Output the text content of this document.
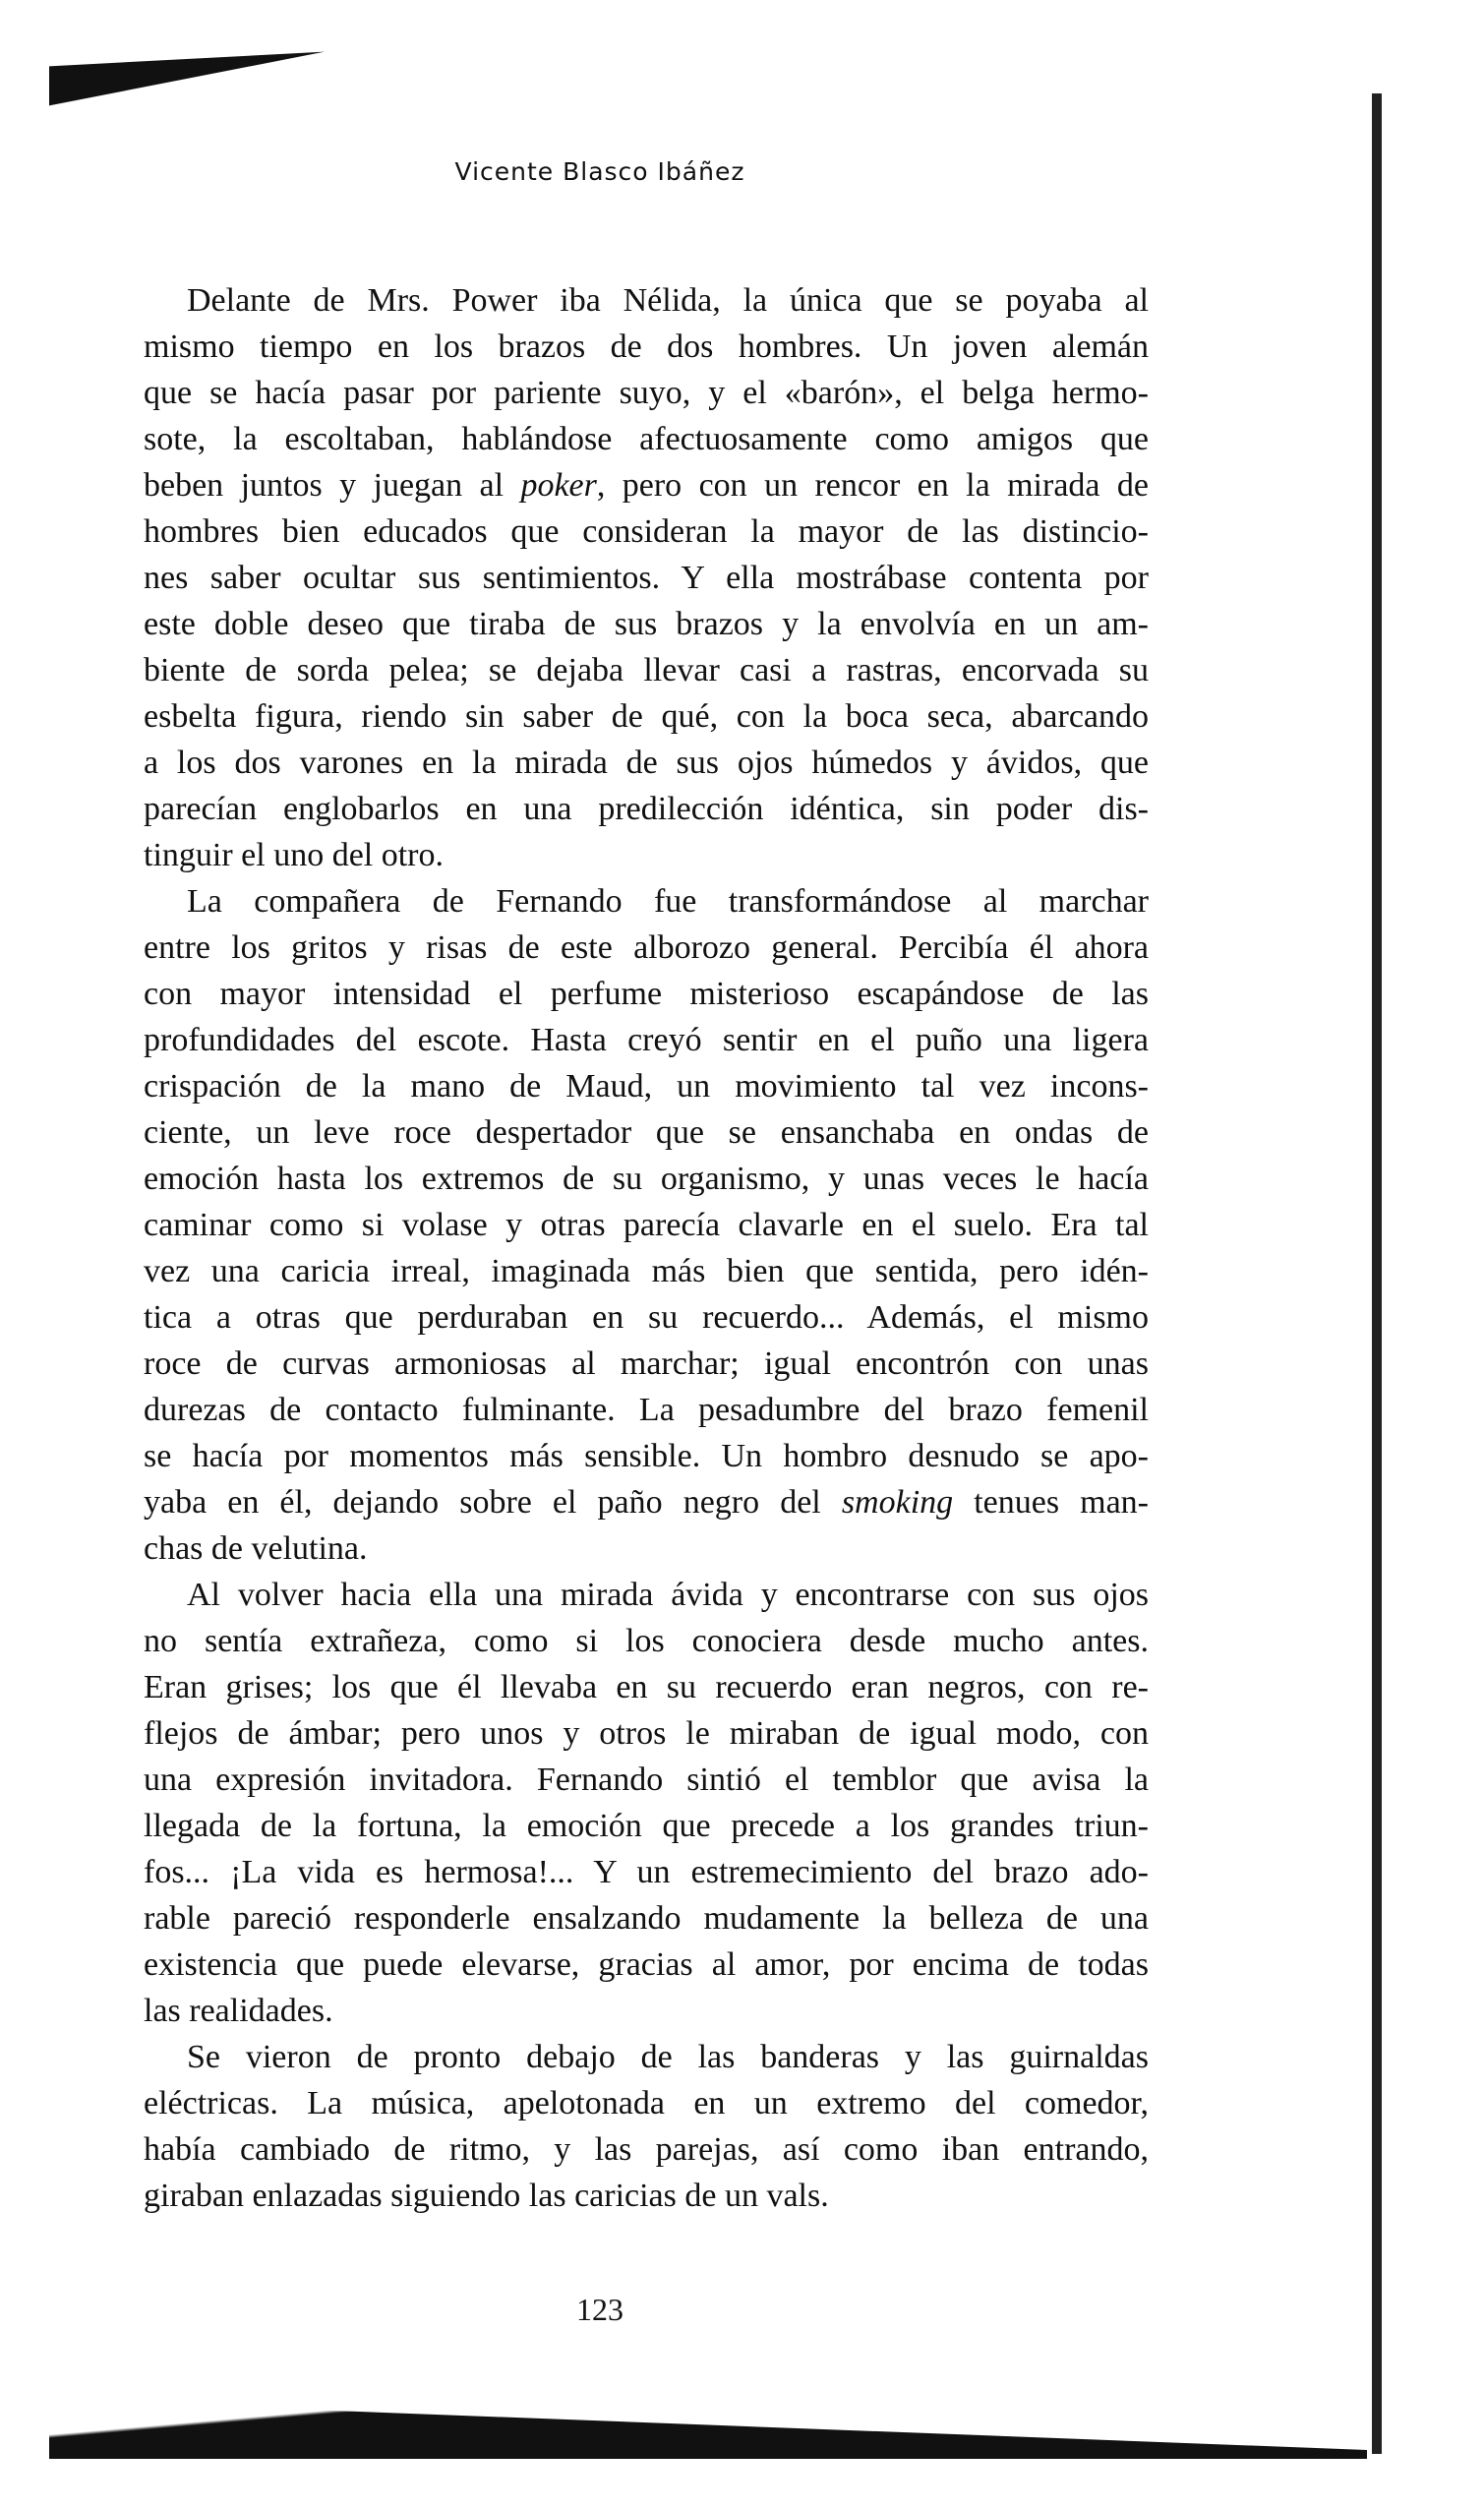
Vicente Blasco Ibáñez
Delante de Mrs. Power iba Nélida, la única que se poyaba al
mismo tiempo en los brazos de dos hombres. Un joven alemán
que se hacía pasar por pariente suyo, y el «barón», el belga hermo-
sote, la escoltaban, hablándose afectuosamente como amigos que
beben juntos y juegan al poker, pero con un rencor en la mirada de
hombres bien educados que consideran la mayor de las distincio-
nes saber ocultar sus sentimientos. Y ella mostrábase contenta por
este doble deseo que tiraba de sus brazos y la envolvía en un am-
biente de sorda pelea; se dejaba llevar casi a rastras, encorvada su
esbelta figura, riendo sin saber de qué, con la boca seca, abarcando
a los dos varones en la mirada de sus ojos húmedos y ávidos, que
parecían englobarlos en una predilección idéntica, sin poder dis-
tinguir el uno del otro.
La compañera de Fernando fue transformándose al marchar
entre los gritos y risas de este alborozo general. Percibía él ahora
con mayor intensidad el perfume misterioso escapándose de las
profundidades del escote. Hasta creyó sentir en el puño una ligera
crispación de la mano de Maud, un movimiento tal vez incons-
ciente, un leve roce despertador que se ensanchaba en ondas de
emoción hasta los extremos de su organismo, y unas veces le hacía
caminar como si volase y otras parecía clavarle en el suelo. Era tal
vez una caricia irreal, imaginada más bien que sentida, pero idén-
tica a otras que perduraban en su recuerdo... Además, el mismo
roce de curvas armoniosas al marchar; igual encontrón con unas
durezas de contacto fulminante. La pesadumbre del brazo femenil
se hacía por momentos más sensible. Un hombro desnudo se apo-
yaba en él, dejando sobre el paño negro del smoking tenues man-
chas de velutina.
Al volver hacia ella una mirada ávida y encontrarse con sus ojos
no sentía extrañeza, como si los conociera desde mucho antes.
Eran grises; los que él llevaba en su recuerdo eran negros, con re-
flejos de ámbar; pero unos y otros le miraban de igual modo, con
una expresión invitadora. Fernando sintió el temblor que avisa la
llegada de la fortuna, la emoción que precede a los grandes triun-
fos... ¡La vida es hermosa!... Y un estremecimiento del brazo ado-
rable pareció responderle ensalzando mudamente la belleza de una
existencia que puede elevarse, gracias al amor, por encima de todas
las realidades.
Se vieron de pronto debajo de las banderas y las guirnaldas
eléctricas. La música, apelotonada en un extremo del comedor,
había cambiado de ritmo, y las parejas, así como iban entrando,
giraban enlazadas siguiendo las caricias de un vals.
123
